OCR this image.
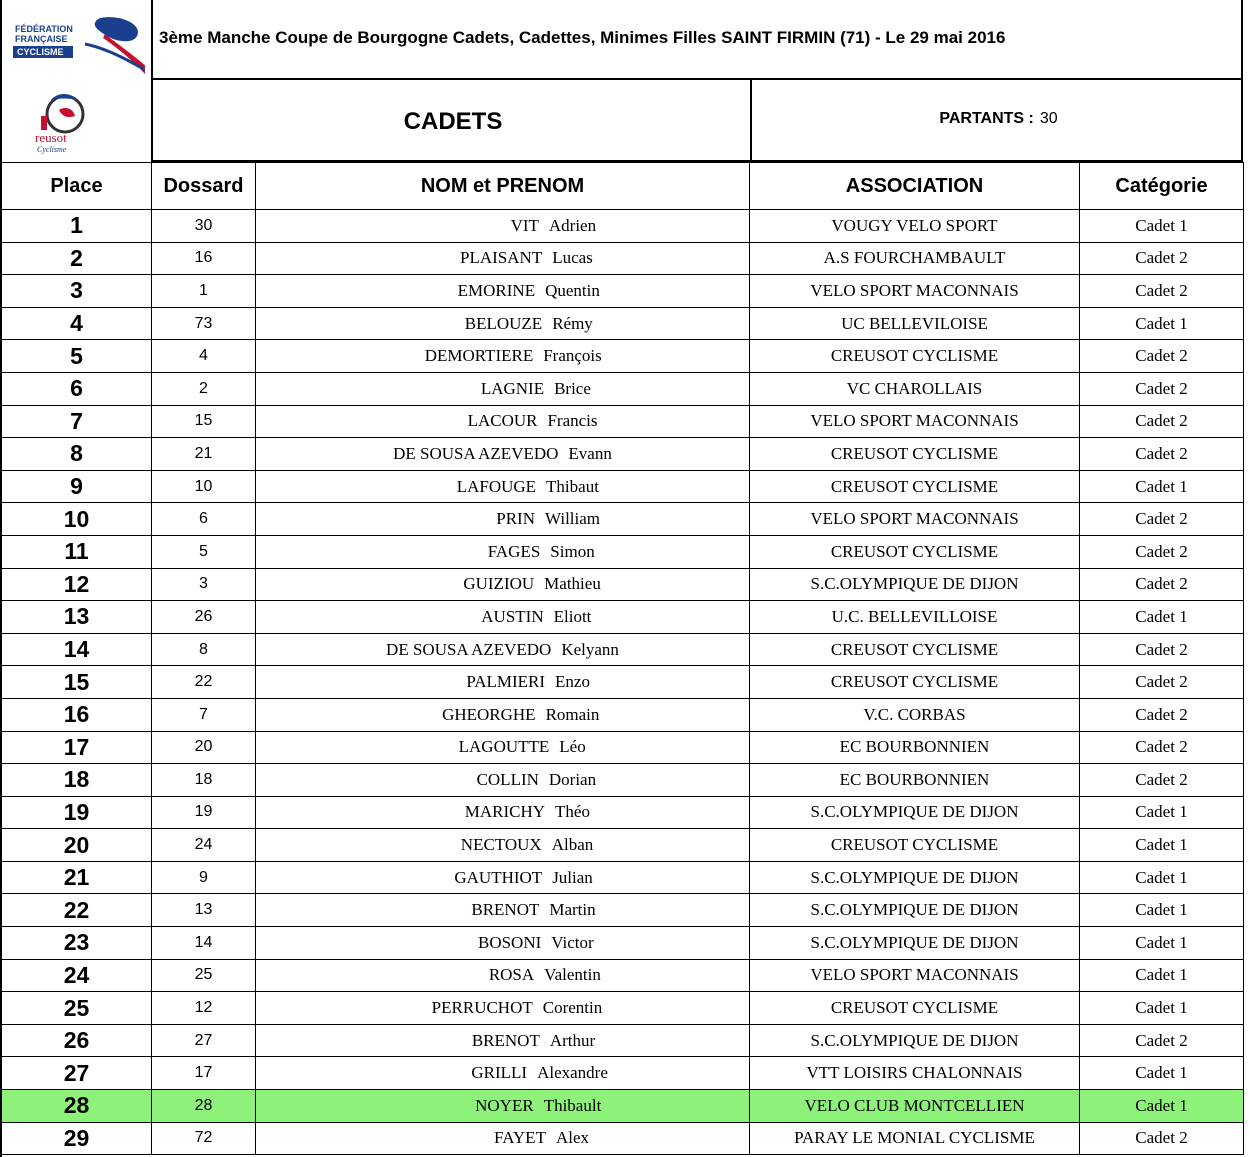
FÉDÉRATION
FRANÇAISE
CYCLISME
reusot
Cyclisme
3ème Manche Coupe de Bourgogne Cadets, Cadettes, Minimes Filles SAINT FIRMIN (71) - Le 29 mai 2016
CADETS	PARTANTS : 30
Place	Dossard	NOM et PRENOM	ASSOCIATION	Catégorie
1	30	VIT Adrien	VOUGY VELO SPORT	Cadet 1
2	16	PLAISANT Lucas	A.S FOURCHAMBAULT	Cadet 2
3	1	EMORINE Quentin	VELO SPORT MACONNAIS	Cadet 2
4	73	BELOUZE Rémy	UC BELLEVILOISE	Cadet 1
5	4	DEMORTIERE François	CREUSOT CYCLISME	Cadet 2
6	2	LAGNIE Brice	VC CHAROLLAIS	Cadet 2
7	15	LACOUR Francis	VELO SPORT MACONNAIS	Cadet 2
8	21	DE SOUSA AZEVEDO Evann	CREUSOT CYCLISME	Cadet 2
9	10	LAFOUGE Thibaut	CREUSOT CYCLISME	Cadet 1
10	6	PRIN William	VELO SPORT MACONNAIS	Cadet 2
11	5	FAGES Simon	CREUSOT CYCLISME	Cadet 2
12	3	GUIZIOU Mathieu	S.C.OLYMPIQUE DE DIJON	Cadet 2
13	26	AUSTIN Eliott	U.C. BELLEVILLOISE	Cadet 1
14	8	DE SOUSA AZEVEDO Kelyann	CREUSOT CYCLISME	Cadet 2
15	22	PALMIERI Enzo	CREUSOT CYCLISME	Cadet 2
16	7	GHEORGHE Romain	V.C. CORBAS	Cadet 2
17	20	LAGOUTTE Léo	EC BOURBONNIEN	Cadet 2
18	18	COLLIN Dorian	EC BOURBONNIEN	Cadet 2
19	19	MARICHY Théo	S.C.OLYMPIQUE DE DIJON	Cadet 1
20	24	NECTOUX Alban	CREUSOT CYCLISME	Cadet 1
21	9	GAUTHIOT Julian	S.C.OLYMPIQUE DE DIJON	Cadet 1
22	13	BRENOT Martin	S.C.OLYMPIQUE DE DIJON	Cadet 1
23	14	BOSONI Victor	S.C.OLYMPIQUE DE DIJON	Cadet 1
24	25	ROSA Valentin	VELO SPORT MACONNAIS	Cadet 1
25	12	PERRUCHOT Corentin	CREUSOT CYCLISME	Cadet 1
26	27	BRENOT Arthur	S.C.OLYMPIQUE DE DIJON	Cadet 2
27	17	GRILLI Alexandre	VTT LOISIRS CHALONNAIS	Cadet 1
28	28	NOYER Thibault	VELO CLUB MONTCELLIEN	Cadet 1
29	72	FAYET Alex	PARAY LE MONIAL CYCLISME	Cadet 2
